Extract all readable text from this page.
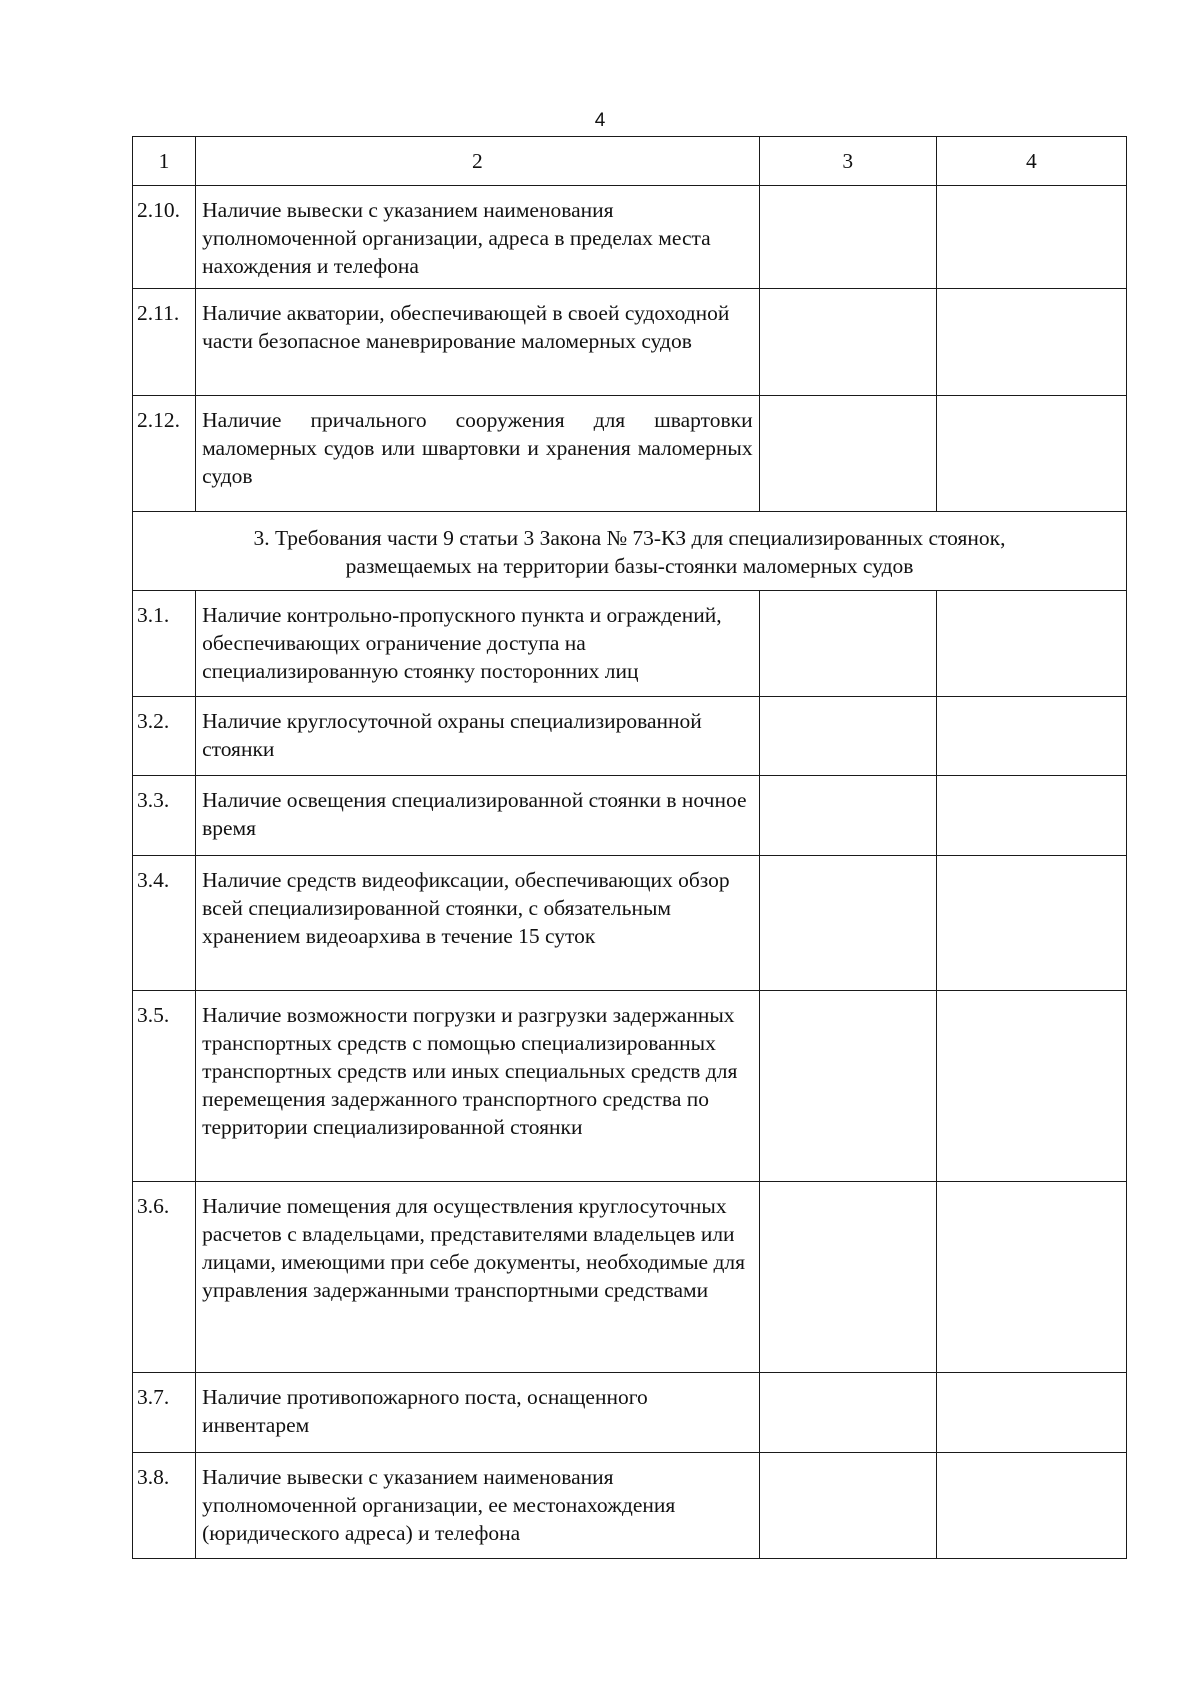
4
1	2	3	4
2.10.	Наличие вывески с указанием наименования уполномоченной организации, адреса в пределах места нахождения и телефона		
2.11.	Наличие акватории, обеспечивающей в своей судоходной части безопасное маневрирование маломерных судов		
2.12.	Наличие причального сооружения для швартовки маломерных судов или швартовки и хранения маломерных судов		

3. Требования части 9 статьи 3 Закона № 73-КЗ для специализированных стоянок,
размещаемых на территории базы-стоянки маломерных судов			

3.1.	Наличие контрольно-пропускного пункта и ограждений, обеспечивающих ограничение доступа на специализированную стоянку посторонних лиц		
3.2.	Наличие круглосуточной охраны специализированной стоянки		
3.3.	Наличие освещения специализированной стоянки в ночное время		
3.4.	Наличие средств видеофиксации, обеспечивающих обзор всей специализированной стоянки, с обязательным хранением видеоархива в течение 15 суток		
3.5.	Наличие возможности погрузки и разгрузки задержанных транспортных средств с помощью специализированных транспортных средств или иных специальных средств для перемещения задержанного транспортного средства по территории специализированной стоянки		
3.6.	Наличие помещения для осуществления круглосуточных расчетов с владельцами, представителями владельцев или лицами, имеющими при себе документы, необходимые для управления задержанными транспортными средствами		
3.7.	Наличие противопожарного поста, оснащенного инвентарем		
3.8.	Наличие вывески с указанием наименования уполномоченной организации, ее местонахождения (юридического адреса) и телефона		
